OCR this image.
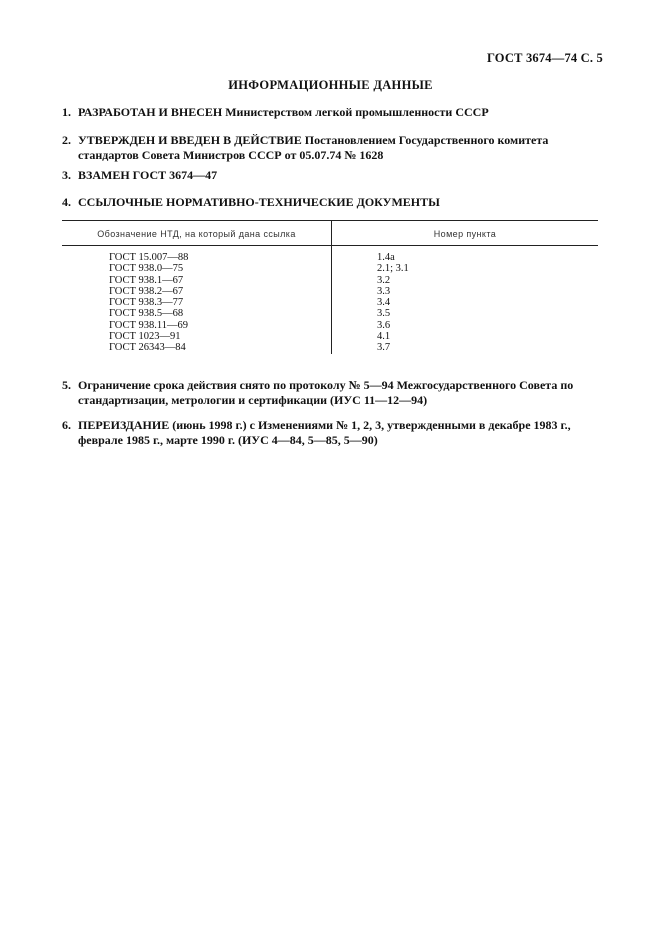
ГОСТ 3674—74 С. 5
ИНФОРМАЦИОННЫЕ ДАННЫЕ
1. РАЗРАБОТАН И ВНЕСЕН Министерством легкой промышленности СССР
2. УТВЕРЖДЕН И ВВЕДЕН В ДЕЙСТВИЕ Постановлением Государственного комитета стандартов Совета Министров СССР от 05.07.74 № 1628
3. ВЗАМЕН ГОСТ 3674—47
4. ССЫЛОЧНЫЕ НОРМАТИВНО-ТЕХНИЧЕСКИЕ ДОКУМЕНТЫ
Обозначение НТД, на который дана ссылка	Номер пункта
ГОСТ 15.007—88
ГОСТ 938.0—75
ГОСТ 938.1—67
ГОСТ 938.2—67
ГОСТ 938.3—77
ГОСТ 938.5—68
ГОСТ 938.11—69
ГОСТ 1023—91
ГОСТ 26343—84
1.4а
2.1; 3.1
3.2
3.3
3.4
3.5
3.6
4.1
3.7
5. Ограничение срока действия снято по протоколу № 5—94 Межгосударственного Совета по стандартизации, метрологии и сертификации (ИУС 11—12—94)
6. ПЕРЕИЗДАНИЕ (июнь 1998 г.) с Изменениями № 1, 2, 3, утвержденными в декабре 1983 г., феврале 1985 г., марте 1990 г. (ИУС 4—84, 5—85, 5—90)
